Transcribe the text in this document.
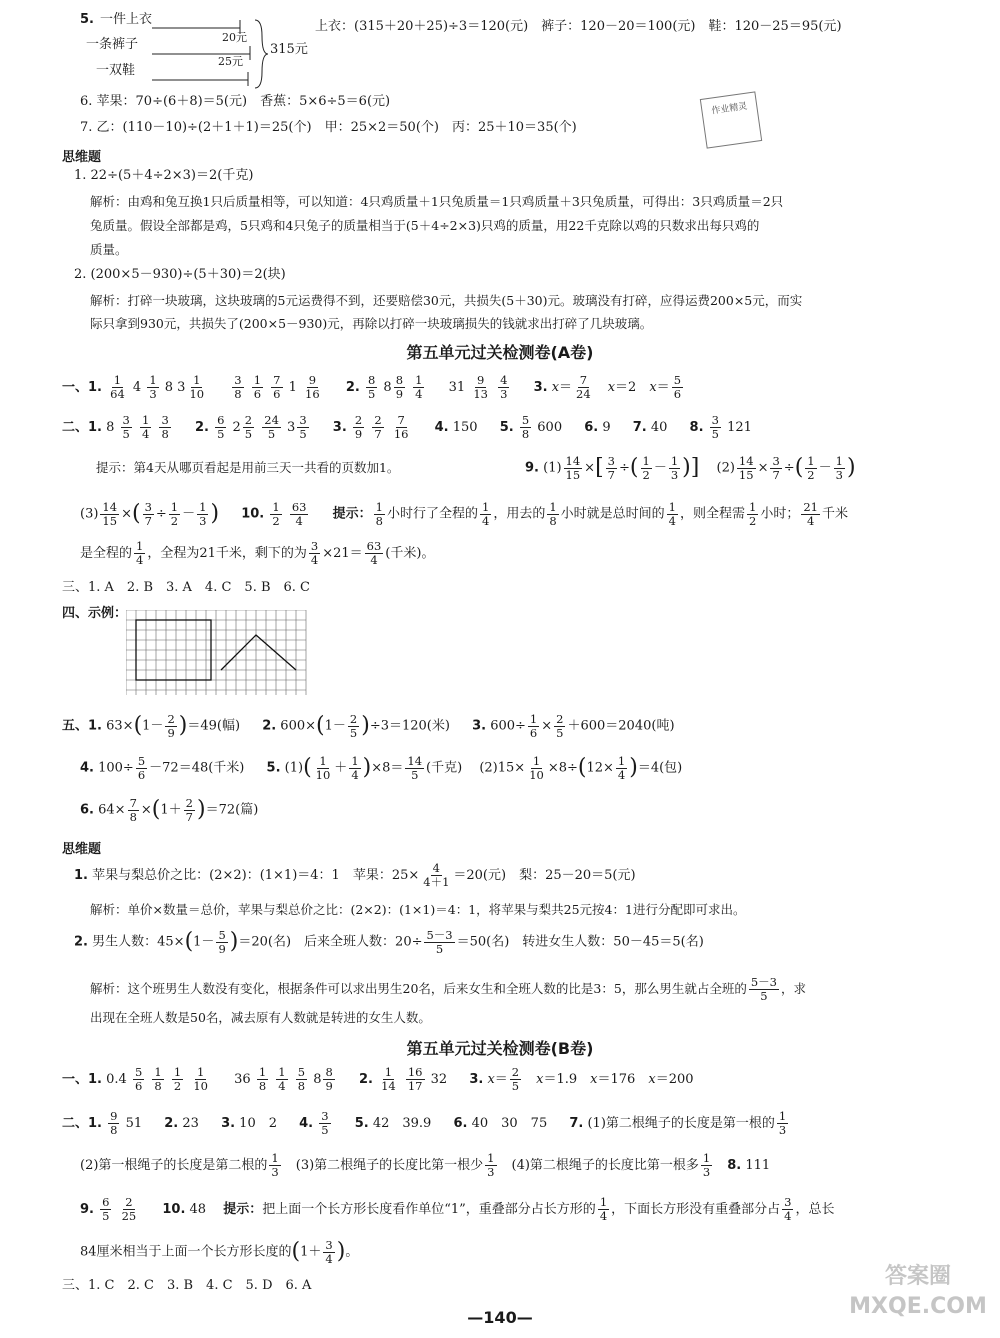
5. 一件上衣
一条裤子
一双鞋
20元
25元
315元
上衣：(315＋20＋25)÷3＝120(元)　裤子：120－20＝100(元)　鞋：120－25＝95(元)
6. 苹果：70÷(6＋8)＝5(元)　香蕉：5×6÷5＝6(元)
7. 乙：(110－10)÷(2＋1＋1)＝25(个)　甲：25×2＝50(个)　丙：25＋10＝35(个)
作业精灵
思维题
1. 22÷(5＋4÷2×3)＝2(千克)
解析：由鸡和兔互换1只后质量相等，可以知道：4只鸡质量＋1只兔质量＝1只鸡质量＋3只兔质量，可得出：3只鸡质量＝2只
兔质量。假设全部都是鸡，5只鸡和4只兔子的质量相当于(5＋4÷2×3)只鸡的质量，用22千克除以鸡的只数求出每只鸡的
质量。
2. (200×5－930)÷(5＋30)＝2(块)
解析：打碎一块玻璃，这块玻璃的5元运费得不到，还要赔偿30元，共损失(5＋30)元。玻璃没有打碎，应得运费200×5元，而实
际只拿到930元，共损失了(200×5－930)元，再除以打碎一块玻璃损失的钱就求出打碎了几块玻璃。
第五单元过关检测卷(A卷)
一、1. $\frac{1}{64} 4 \frac{1}{3} 8$ $3 \frac{1}{10}$
$\frac{3}{8}$
$\frac{1}{6}$
$\frac{7}{6} 1 \frac{9}{16} 2$. $\frac{8}{5} 8 \frac{8}{9}$
$\frac{1}{4} 31 \frac{9}{13}$
$\frac{4}{3} 3$. $x= \frac{7}{24}$
　 x＝2　$x= \frac{5}{6}$
二、1. $8 \frac{3}{5}$
$\frac{1}{4}$
$\frac{3}{8} 2$. $\frac{6}{5} 2 \frac{2}{5}$
$\frac{24}{5} 3 \frac{3}{5} 3$. $\frac{2}{9}$
$\frac{2}{7}$
$\frac{7}{16} 4$. 150 5. $\frac{5}{8} 600$ 6. 9 7. 40 8. $\frac{3}{5} 121$
提示：第4天从哪页看起是用前三天一共看的页数加1。	9. $(1) \frac{14}{15}$ ×[ $\frac{3}{7}$ ÷( $\frac{1}{2} - \frac{1}{3}$ )] 　$(2) \frac{14}{15} \times \frac{3}{7}$ ÷( $\frac{1}{2} - \frac{1}{3}$ )
$(3) \frac{14}{15}$ ×( $\frac{3}{7} \div \frac{1}{2} - \frac{1}{3}$ ) 10. $\frac{1}{2}$
$\frac{63}{4}$ 提示： $\frac{1}{8}$ 小时行了全程的 $\frac{1}{4}$ ，用去的 $\frac{1}{8}$ 小时就是总时间的 $\frac{1}{4}$ ，则全程需 $\frac{1}{2}$ 小时； $\frac{21}{4}$ 千米
是全程的 $\frac{1}{4}$ ，全程为21千米，剩下的为 $\frac{3}{4} \times 21= \frac{63}{4}$ (千米)。
三、1. A　2. B　3. A　4. C　5. B　6. C
四、示例：
五、1. $63\times(1- \frac{2}{9} )=49$(幅) 2. $600\times(1- \frac{2}{5} )\div 3=120$(米) 3. $600\div \frac{1}{6} \times \frac{2}{5} +600=2040$(吨)
4. $100\div \frac{5}{6} -72=48$(千米) 5. $(1)( \frac{1}{10} + \frac{1}{4} )\times 8= \frac{14}{5}$ (千克) 　$(2)15\times \frac{1}{10} \times 8\div(12\times \frac{1}{4} )=4$(包)
6. $64\times \frac{7}{8} \times(1+ \frac{2}{7} )=72$(篇)
思维题
1. 苹果与梨总价之比：(2×2)：(1×1)＝4：1　苹果：$25\times \frac{4}{4+1} =20$(元)　梨：25－20＝5(元)
解析：单价×数量＝总价，苹果与梨总价之比：(2×2)：(1×1)＝4：1，将苹果与梨共25元按4：1进行分配即可求出。
2. 男生人数：$45\times(1- \frac{5}{9} )=20$(名)　后来全班人数：$20\div \frac{5-3}{5} =50$(名)　转进女生人数：50－45＝5(名)
解析：这个班男生人数没有变化，根据条件可以求出男生20名，后来女生和全班人数的比是3：5，那么男生就占全班的 $\frac{5-3}{5}$ ，求
出现在全班人数是50名，减去原有人数就是转进的女生人数。
第五单元过关检测卷(B卷)
一、1. $0.4 \frac{5}{6}$
$\frac{1}{8}$
$\frac{1}{2}$
$\frac{1}{10} 36 \frac{1}{8}$
$\frac{1}{4}$
$\frac{5}{8} 8 \frac{8}{9} 2$. $\frac{1}{14}$
$\frac{16}{17} 32$ 3. $x= \frac{2}{5}$
　 x＝1.9　x＝176　x＝200
二、1. $\frac{9}{8} 51$ 2. 23 3. 10　2 4. $\frac{3}{5} 5$. 42　39.9 6. 40　30　75 7. (1)第二根绳子的长度是第一根的 $\frac{1}{3}$
(2)第一根绳子的长度是第二根的 $\frac{1}{3}$ 　(3)第二根绳子的长度比第一根少 $\frac{1}{3}$ 　(4)第二根绳子的长度比第一根多 $\frac{1}{3}$
　 8. 111
9. $\frac{6}{5}$
$\frac{2}{25} 10$. 48 　提示：把上面一个长方形长度看作单位“1”，重叠部分占长方形的 $\frac{1}{4}$ ，下面长方形没有重叠部分占 $\frac{3}{4}$ ，总长
84厘米相当于上面一个长方形长度的($1+ \frac{3}{4}$ )。
三、1. C　2. C　3. B　4. C　5. D　6. A
—140—
答案圈 MXQE.COM
